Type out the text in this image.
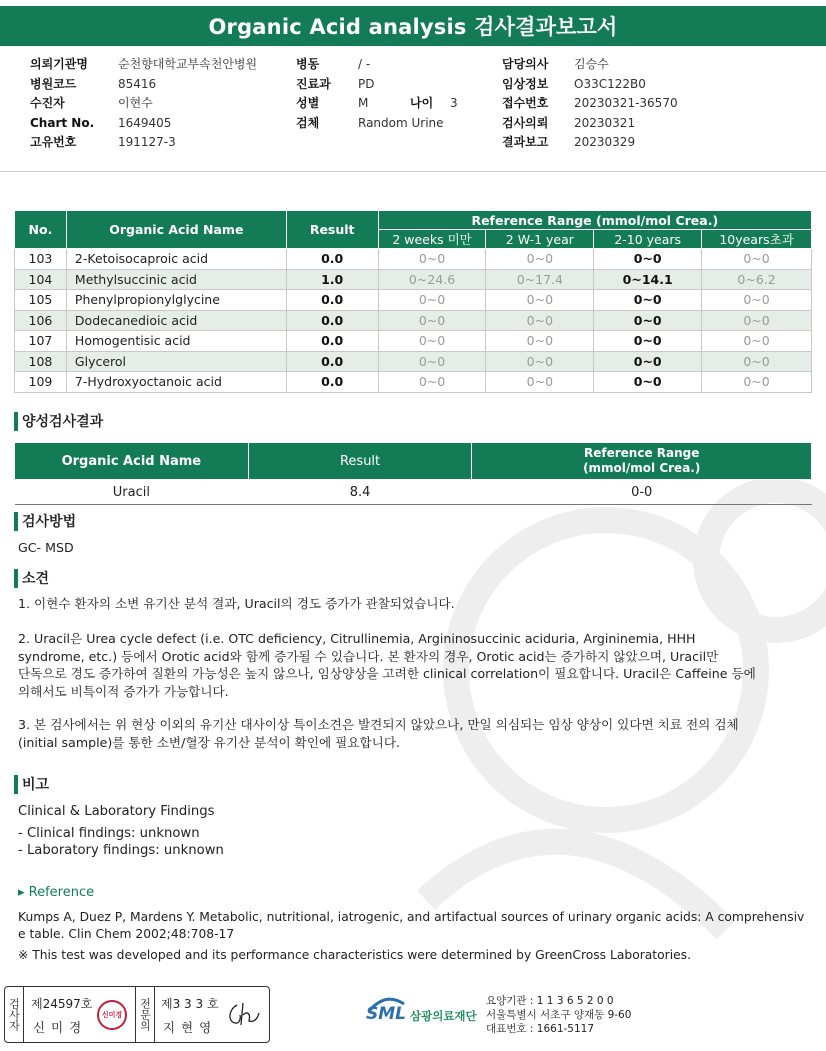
Organic Acid analysis 검사결과보고서
의뢰기관명	순천향대학교부속천안병원
병원코드	85416
수진자	이현수
Chart No.	1649405
고유번호	191127-3
병동	/ -
진료과	PD
성별	M	나이	3
검체	Random Urine
담당의사	김승수
임상정보	O33C122B0
접수번호	20230321-36570
검사의뢰	20230321
결과보고	20230329
No.	Organic Acid Name	Result	Reference Range (mmol/mol Crea.)			
			2 weeks 미만	2 W-1 year	2-10 years	10years초과
103	2-Ketoisocaproic acid	0.0	0~0	0~0	0~0	0~0
104	Methylsuccinic acid	1.0	0~24.6	0~17.4	0~14.1	0~6.2
105	Phenylpropionylglycine	0.0	0~0	0~0	0~0	0~0
106	Dodecanedioic acid	0.0	0~0	0~0	0~0	0~0
107	Homogentisic acid	0.0	0~0	0~0	0~0	0~0
108	Glycerol	0.0	0~0	0~0	0~0	0~0
109	7-Hydroxyoctanoic acid	0.0	0~0	0~0	0~0	0~0
양성검사결과
Organic Acid Name	Result	Reference Range
(mmol/mol Crea.)

Uracil	8.4	0-0
검사방법
GC- MSD
소견
1. 이현수 환자의 소변 유기산 분석 결과, Uracil의 경도 증가가 관찰되었습니다.
2. Uracil은 Urea cycle defect (i.e. OTC deficiency, Citrullinemia, Argininosuccinic aciduria, Argininemia, HHH
syndrome, etc.) 등에서 Orotic acid와 함께 증가될 수 있습니다. 본 환자의 경우, Orotic acid는 증가하지 않았으며, Uracil만
단독으로 경도 증가하여 질환의 가능성은 높지 않으나, 임상양상을 고려한 clinical correlation이 필요합니다. Uracil은 Caffeine 등에
의해서도 비특이적 증가가 가능합니다.
3. 본 검사에서는 위 현상 이외의 유기산 대사이상 특이소견은 발견되지 않았으나, 만일 의심되는 임상 양상이 있다면 치료 전의 검체
(initial sample)를 통한 소변/혈장 유기산 분석이 확인에 필요합니다.
비고
Clinical & Laboratory Findings
- Clinical findings: unknown
- Laboratory findings: unknown
▸ Reference
Kumps A, Duez P, Mardens Y. Metabolic, nutritional, iatrogenic, and artifactual sources of urinary organic acids: A comprehensiv
e table. Clin Chem 2002;48:708-17
※ This test was developed and its performance characteristics were determined by GreenCross Laboratories.
검사자 제24597호
신 미 경
신미경	전문의 제3 3 3 호
지 현 영
SML 삼광의료재단
요양기관 : 1 1 3 6 5 2 0 0
서울특별시 서초구 양재동 9-60
대표번호 : 1661-5117
